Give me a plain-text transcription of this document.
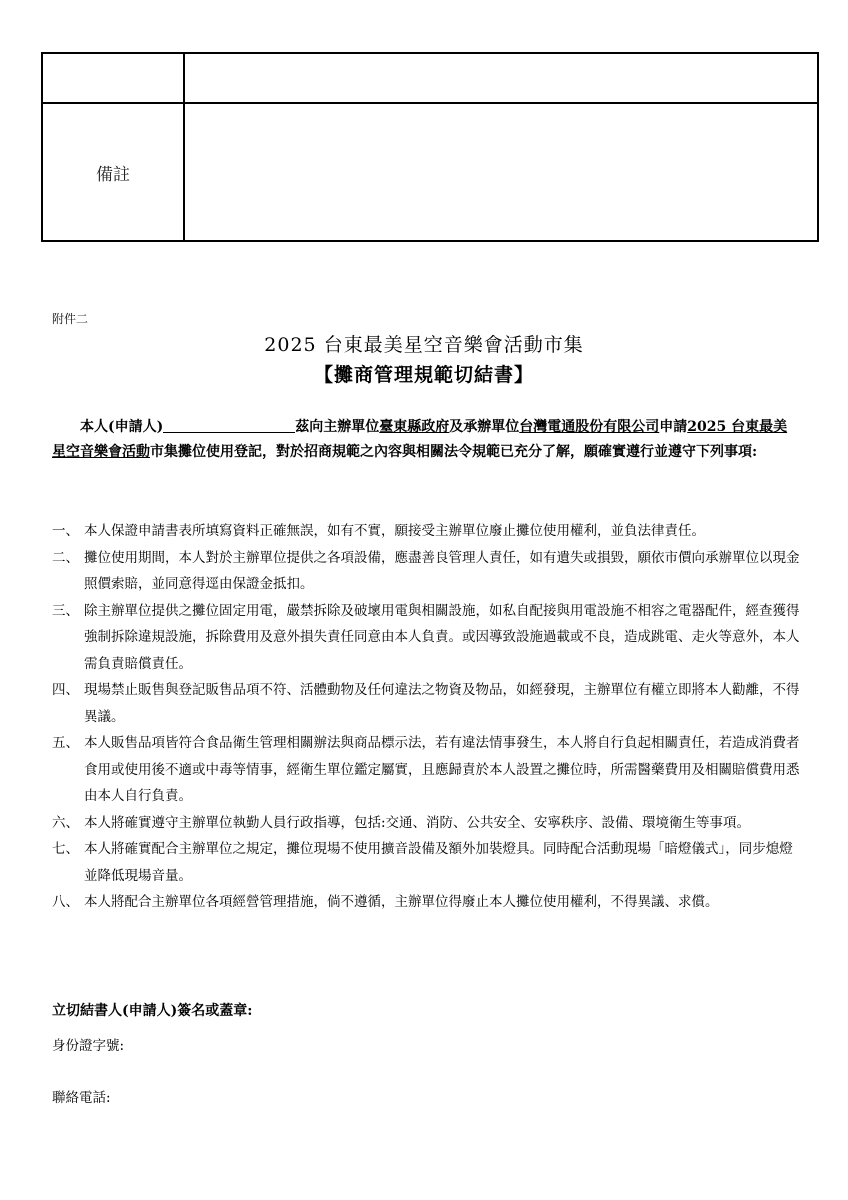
備註
附件二
2025 台東最美星空音樂會活動市集
【攤商管理規範切結書】
本人(申請人)	茲向主辦單位臺東縣政府及承辦單位台灣電通股份有限公司申請2025 台東最美星空音樂會活動市集攤位使用登記，對於招商規範之內容與相關法令規範已充分了解，願確實遵行並遵守下列事項:
一、 本人保證申請書表所填寫資料正確無誤，如有不實，願接受主辦單位廢止攤位使用權利，並負法律責任。
二、 攤位使用期間，本人對於主辦單位提供之各項設備，應盡善良管理人責任，如有遺失或損毀，願依市價向承辦單位以現金照價索賠，並同意得逕由保證金抵扣。
三、 除主辦單位提供之攤位固定用電，嚴禁拆除及破壞用電與相關設施，如私自配接與用電設施不相容之電器配件，經查獲得強制拆除違規設施，拆除費用及意外損失責任同意由本人負責。或因導致設施過載或不良，造成跳電、走火等意外，本人需負責賠償責任。
四、 現場禁止販售與登記販售品項不符、活體動物及任何違法之物資及物品，如經發現，主辦單位有權立即將本人勸離，不得異議。
五、 本人販售品項皆符合食品衛生管理相關辦法與商品標示法，若有違法情事發生，本人將自行負起相關責任，若造成消費者食用或使用後不適或中毒等情事，經衛生單位鑑定屬實，且應歸責於本人設置之攤位時，所需醫藥費用及相關賠償費用悉由本人自行負責。
六、 本人將確實遵守主辦單位執勤人員行政指導，包括:交通、消防、公共安全、安寧秩序、設備、環境衛生等事項。
七、 本人將確實配合主辦單位之規定，攤位現場不使用擴音設備及額外加裝燈具。同時配合活動現場「暗燈儀式」，同步熄燈並降低現場音量。
八、 本人將配合主辦單位各項經營管理措施，倘不遵循，主辦單位得廢止本人攤位使用權利，不得異議、求償。
立切結書人(申請人)簽名或蓋章:
身份證字號:
聯絡電話:
